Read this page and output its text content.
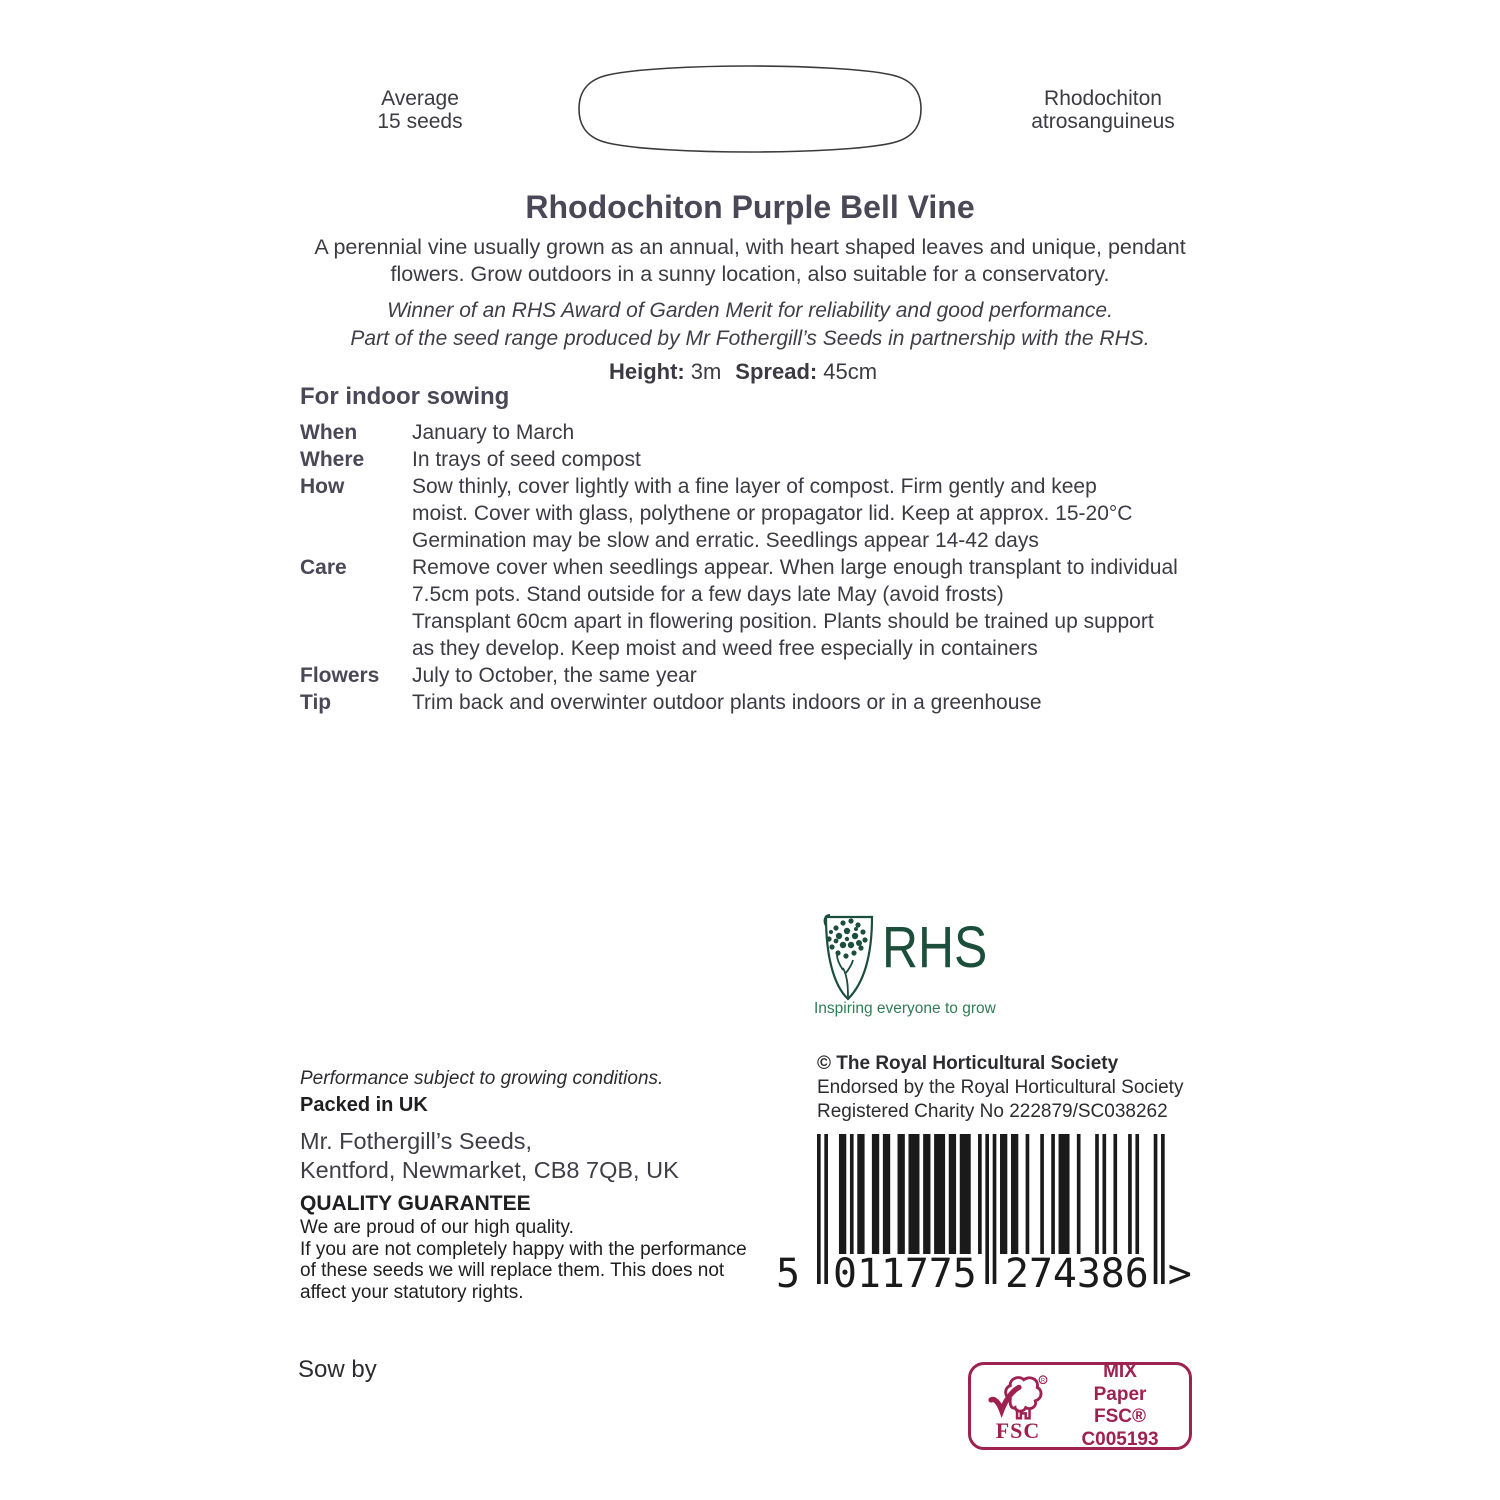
Average
15 seeds
Rhodochiton
atrosanguineus
Rhodochiton Purple Bell Vine
A perennial vine usually grown as an annual, with heart shaped leaves and unique, pendant
flowers. Grow outdoors in a sunny location, also suitable for a conservatory.
Winner of an RHS Award of Garden Merit for reliability and good performance.
Part of the seed range produced by Mr Fothergill’s Seeds in partnership with the RHS.
Height: 3m Spread: 45cm
For indoor sowing
When	January to March
Where	In trays of seed compost
How	Sow thinly, cover lightly with a fine layer of compost. Firm gently and keep
moist. Cover with glass, polythene or propagator lid. Keep at approx. 15-20°C
Germination may be slow and erratic. Seedlings appear 14-42 days
Care	Remove cover when seedlings appear. When large enough transplant to individual
7.5cm pots. Stand outside for a few days late May (avoid frosts)
Transplant 60cm apart in flowering position. Plants should be trained up support
as they develop. Keep moist and weed free especially in containers
Flowers	July to October, the same year
Tip	Trim back and overwinter outdoor plants indoors or in a greenhouse
RHS
Inspiring everyone to grow
© The Royal Horticultural Society
Endorsed by the Royal Horticultural Society
Registered Charity No 222879/SC038262
Performance subject to growing conditions.
Packed in UK
Mr. Fothergill’s Seeds,
Kentford, Newmarket, CB8 7QB, UK
QUALITY GUARANTEE
We are proud of our high quality.
If you are not completely happy with the performance
of these seeds we will replace them. This does not
affect your statutory rights.
Sow by
5 011775 274386 >
R
FSC
MIX
Paper
FSC® C005193
